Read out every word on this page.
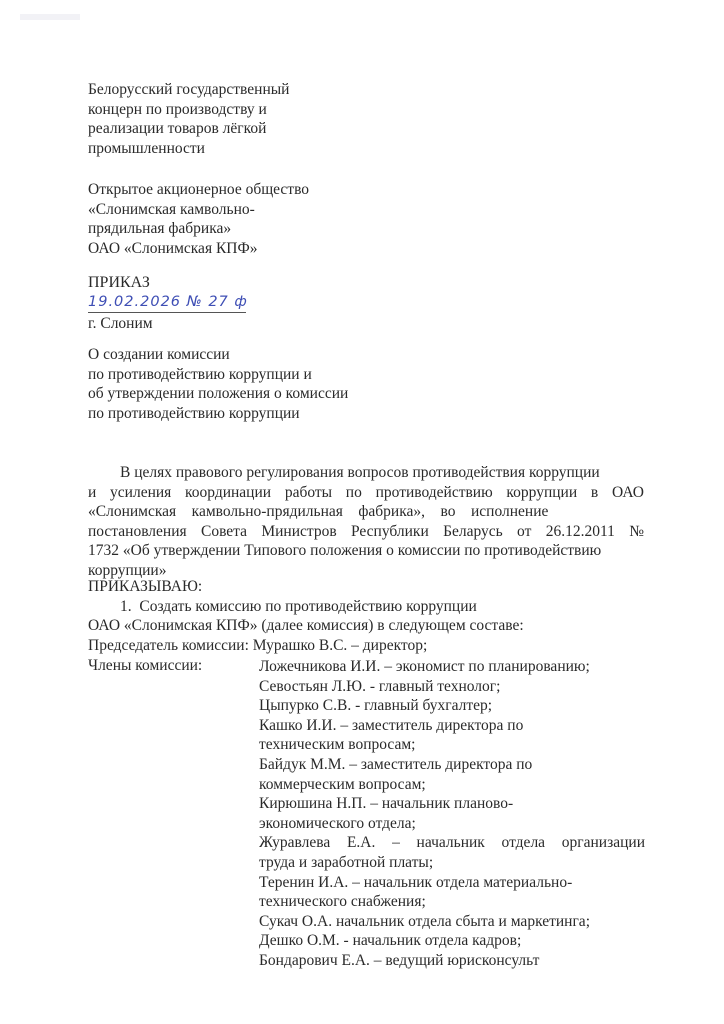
Белорусский государственный
концерн по производству и
реализации товаров лёгкой
промышленности
Открытое акционерное общество
«Слонимская камвольно-
прядильная фабрика»
ОАО «Слонимская КПФ»
ПРИКАЗ
19.02.2026 № 27 ф
г. Слоним
О создании комиссии
по противодействию коррупции и
об утверждении положения о комиссии
по противодействию коррупции
В целях правового регулирования вопросов противодействия коррупции
и усиления координации работы по противодействию коррупции в ОАО
«Слонимская    камвольно-прядильная    фабрика»,    во    исполнение
постановления Совета Министров Республики Беларусь от 26.12.2011 №
1732 «Об утверждении Типового положения о комиссии по противодействию
коррупции»
ПРИКАЗЫВАЮ:
1. Создать комиссию по противодействию коррупции
ОАО «Слонимская КПФ» (далее комиссия) в следующем составе:
Председатель комиссии: Мурашко В.С. – директор;
Члены комиссии:	Ложечникова И.И. – экономист по планированию;
Севостьян Л.Ю. - главный технолог;
Цыпурко С.В. - главный бухгалтер;
Кашко И.И. – заместитель директора по
техническим вопросам;
Байдук М.М. – заместитель директора по
коммерческим вопросам;
Кирюшина Н.П. – начальник планово-
экономического отдела;
Журавлева Е.А. – начальник отдела организации
труда и заработной платы;
Теренин И.А. – начальник отдела материально-
технического снабжения;
Сукач О.А. начальник отдела сбыта и маркетинга;
Дешко О.М. - начальник отдела кадров;
Бондарович Е.А. – ведущий юрисконсульт
